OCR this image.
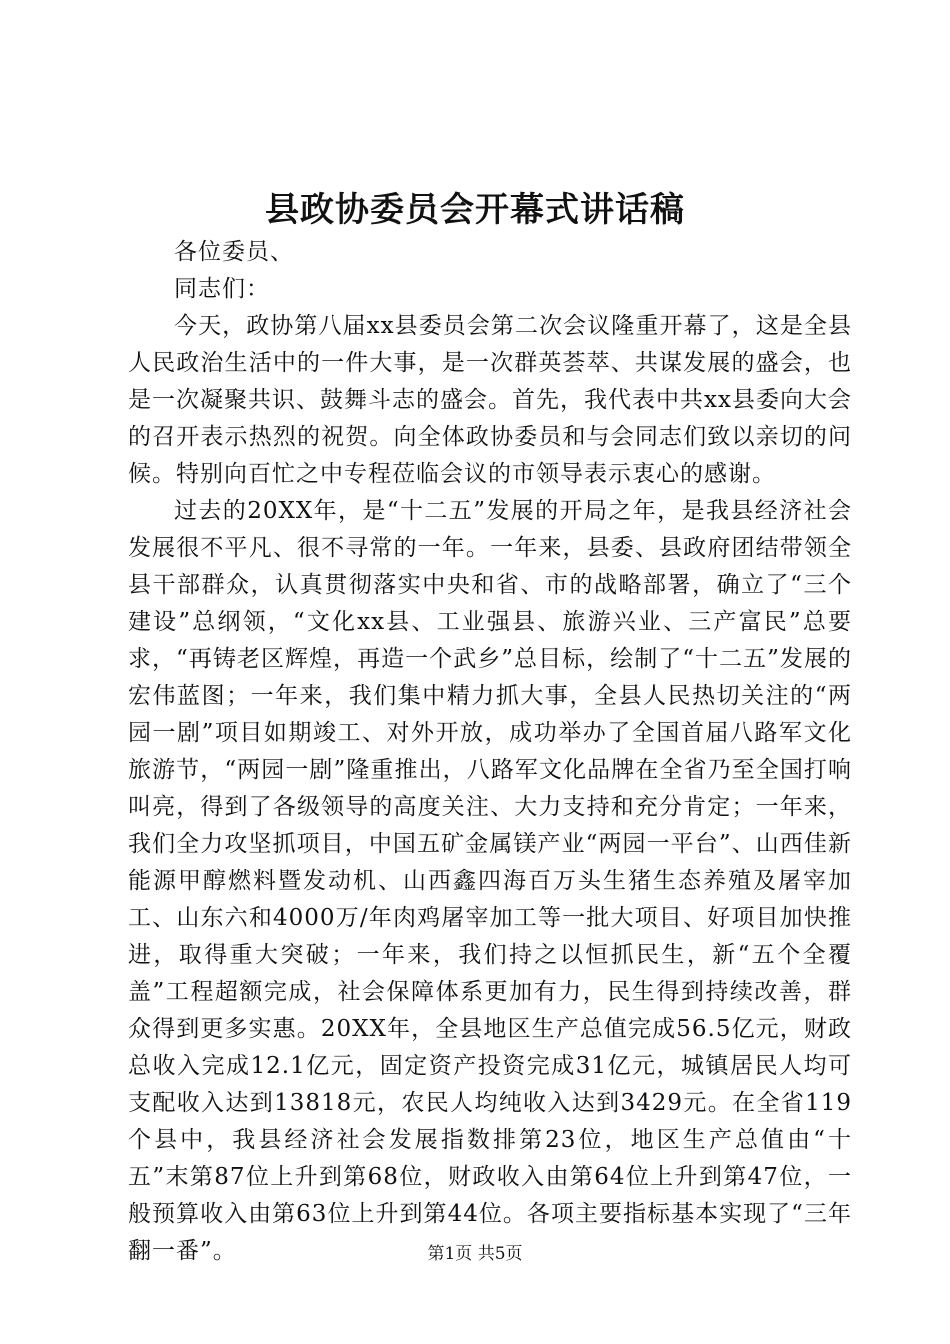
县政协委员会开幕式讲话稿

各位委员、

同志们：

今天，政协第八届xx县委员会第二次会议隆重开幕了，这是全县人民政治生活中的一件大事，是一次群英荟萃、共谋发展的盛会，也是一次凝聚共识、鼓舞斗志的盛会。首先，我代表中共xx县委向大会的召开表示热烈的祝贺。向全体政协委员和与会同志们致以亲切的问候。特别向百忙之中专程莅临会议的市领导表示衷心的感谢。

过去的20XX年，是“十二五”发展的开局之年，是我县经济社会发展很不平凡、很不寻常的一年。一年来，县委、县政府团结带领全县干部群众，认真贯彻落实中央和省、市的战略部署，确立了“三个建设”总纲领，“文化xx县、工业强县、旅游兴业、三产富民”总要求，“再铸老区辉煌，再造一个武乡”总目标，绘制了“十二五”发展的宏伟蓝图；一年来，我们集中精力抓大事，全县人民热切关注的“两园一剧”项目如期竣工、对外开放，成功举办了全国首届八路军文化旅游节，“两园一剧”隆重推出，八路军文化品牌在全省乃至全国打响叫亮，得到了各级领导的高度关注、大力支持和充分肯定；一年来，我们全力攻坚抓项目，中国五矿金属镁产业“两园一平台”、山西佳新能源甲醇燃料暨发动机、山西鑫四海百万头生猪生态养殖及屠宰加工、山东六和4000万/年肉鸡屠宰加工等一批大项目、好项目加快推进，取得重大突破；一年来，我们持之以恒抓民生，新“五个全覆盖”工程超额完成，社会保障体系更加有力，民生得到持续改善，群众得到更多实惠。20XX年，全县地区生产总值完成56.5亿元，财政总收入完成12.1亿元，固定资产投资完成31亿元，城镇居民人均可支配收入达到13818元，农民人均纯收入达到3429元。在全省119个县中，我县经济社会发展指数排第23位，地区生产总值由“十五”末第87位上升到第68位，财政收入由第64位上升到第47位，一般预算收入由第63位上升到第44位。各项主要指标基本实现了“三年翻一番”。	第1页 共5页
